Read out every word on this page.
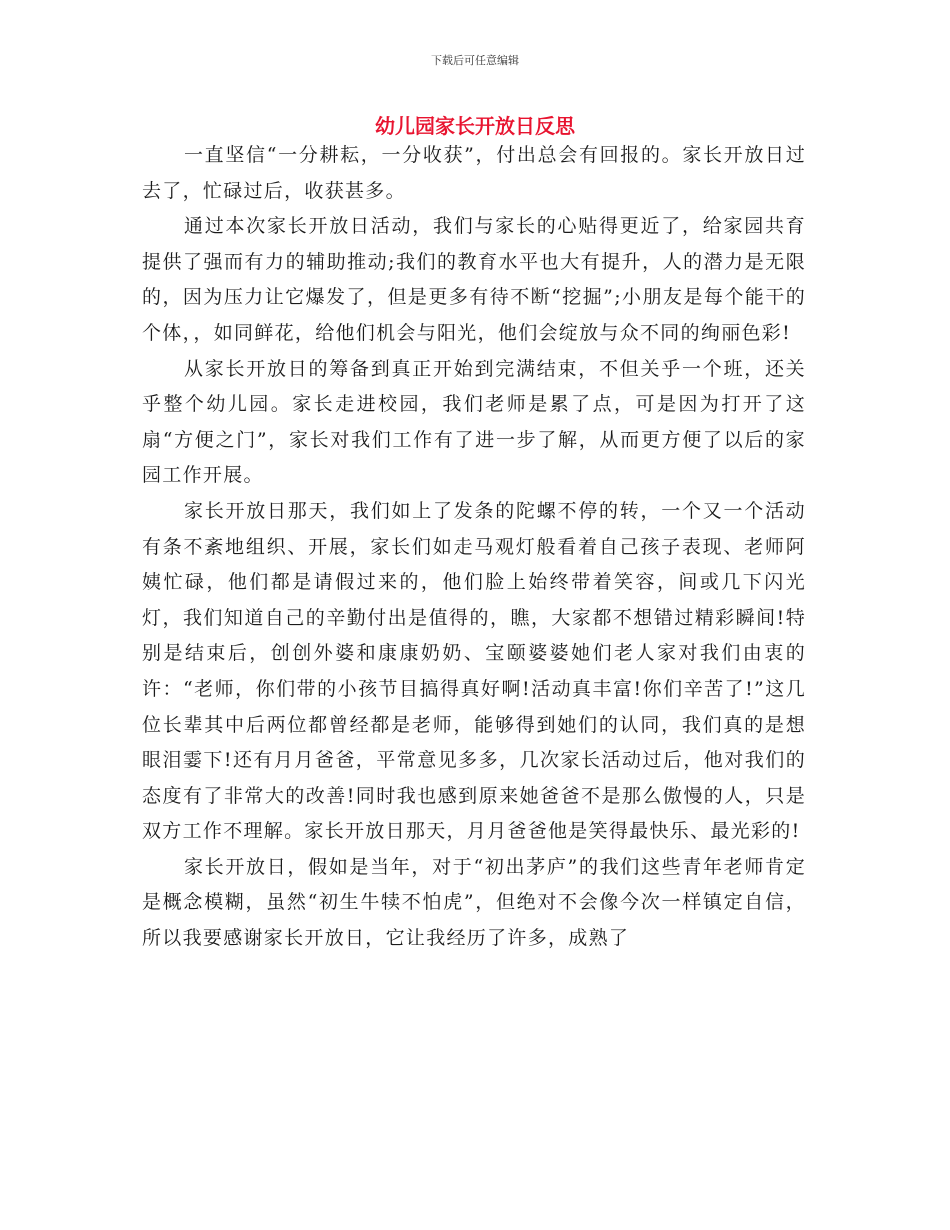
下载后可任意编辑
幼儿园家长开放日反思

一直坚信“一分耕耘，一分收获”，付出总会有回报的。家长开放日过去了，忙碌过后，收获甚多。

通过本次家长开放日活动，我们与家长的心贴得更近了，给家园共育提供了强而有力的辅助推动;我们的教育水平也大有提升，人的潜力是无限的，因为压力让它爆发了，但是更多有待不断“挖掘”;小朋友是每个能干的个体，，如同鲜花，给他们机会与阳光，他们会绽放与众不同的绚丽色彩!

从家长开放日的筹备到真正开始到完满结束，不但关乎一个班，还关乎整个幼儿园。家长走进校园，我们老师是累了点，可是因为打开了这扇“方便之门”，家长对我们工作有了进一步了解，从而更方便了以后的家园工作开展。

家长开放日那天，我们如上了发条的陀螺不停的转，一个又一个活动有条不紊地组织、开展，家长们如走马观灯般看着自己孩子表现、老师阿姨忙碌，他们都是请假过来的，他们脸上始终带着笑容，间或几下闪光灯，我们知道自己的辛勤付出是值得的，瞧，大家都不想错过精彩瞬间!特别是结束后，创创外婆和康康奶奶、宝颐婆婆她们老人家对我们由衷的许：“老师，你们带的小孩节目搞得真好啊!活动真丰富!你们辛苦了!”这几位长辈其中后两位都曾经都是老师，能够得到她们的认同，我们真的是想眼泪霎下!还有月月爸爸，平常意见多多，几次家长活动过后，他对我们的态度有了非常大的改善!同时我也感到原来她爸爸不是那么傲慢的人，只是双方工作不理解。家长开放日那天，月月爸爸他是笑得最快乐、最光彩的!

家长开放日，假如是当年，对于“初出茅庐”的我们这些青年老师肯定是概念模糊，虽然“初生牛犊不怕虎”，但绝对不会像今次一样镇定自信，所以我要感谢家长开放日，它让我经历了许多，成熟了
